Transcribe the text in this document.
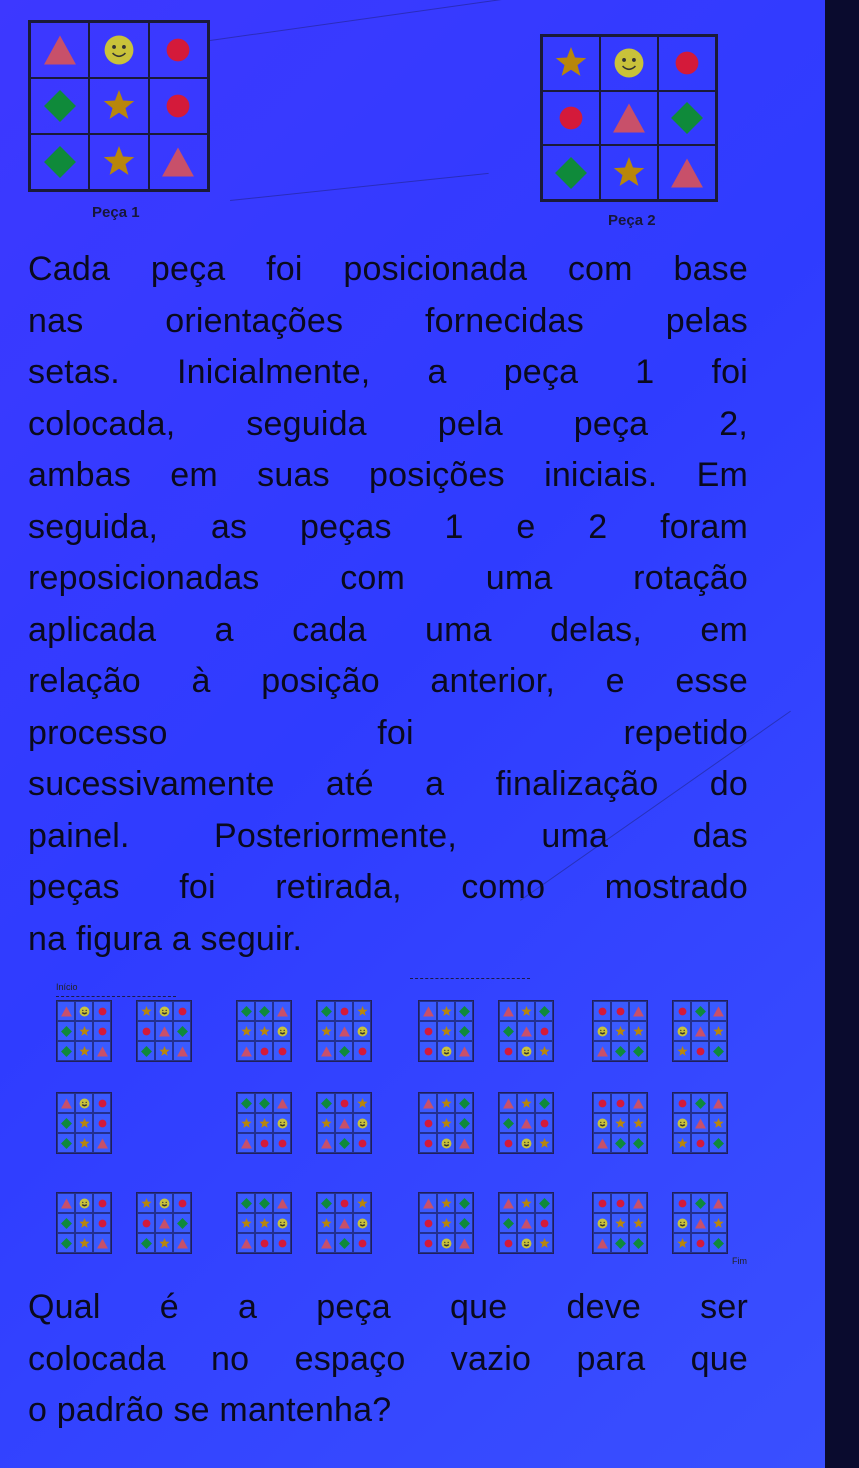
Peça 1	Peça 2
Cada peça foi posicionada com base
nas orientações fornecidas pelas
setas. Inicialmente, a peça 1 foi
colocada, seguida pela peça 2,
ambas em suas posições iniciais. Em
seguida, as peças 1 e 2 foram
reposicionadas com uma rotação
aplicada a cada uma delas, em
relação à posição anterior, e esse
processo foi repetido
sucessivamente até a finalização do
painel. Posteriormente, uma das
peças foi retirada, como mostrado
na figura a seguir.
Início
Fim
Qual é a peça que deve ser
colocada no espaço vazio para que
o padrão se mantenha?
